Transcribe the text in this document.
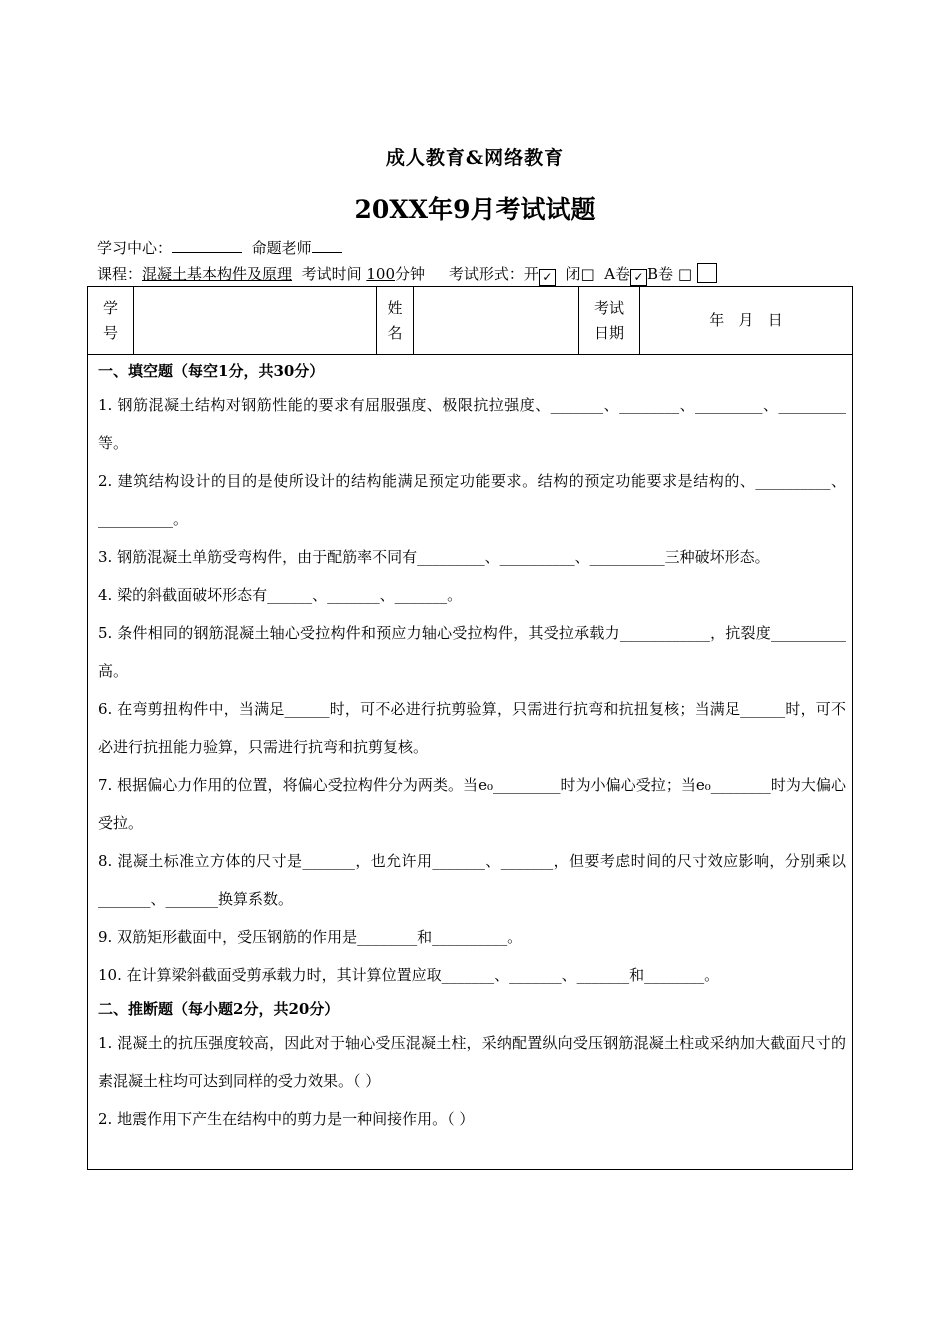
成人教育&网络教育
20XX年9月考试试题
学习中心：	命题老师
课程：混凝土基本构件及原理 考试时间 100分钟 考试形式：开 ✓ 闭□ A卷 ✓ B卷 □
学号
姓名
考试日期
年   月   日
一、填空题（每空1分，共30分）
1. 钢筋混凝土结构对钢筋性能的要求有屈服强度、极限抗拉强度、_______、________、_________、_________等。
2. 建筑结构设计的目的是使所设计的结构能满足预定功能要求。结构的预定功能要求是结构的、__________、__________。
3. 钢筋混凝土单筋受弯构件，由于配筋率不同有_________、__________、__________三种破坏形态。
4. 梁的斜截面破坏形态有______、_______、_______。
5. 条件相同的钢筋混凝土轴心受拉构件和预应力轴心受拉构件，其受拉承载力____________，抗裂度__________高。
6. 在弯剪扭构件中，当满足______时，可不必进行抗剪验算，只需进行抗弯和抗扭复核；当满足______时，可不必进行抗扭能力验算，只需进行抗弯和抗剪复核。
7. 根据偏心力作用的位置，将偏心受拉构件分为两类。当e₀_________时为小偏心受拉；当e₀________时为大偏心受拉。
8. 混凝土标准立方体的尺寸是_______，也允许用_______、_______，但要考虑时间的尺寸效应影响，分别乘以_______、_______换算系数。
9. 双筋矩形截面中，受压钢筋的作用是________和__________。
10. 在计算梁斜截面受剪承载力时，其计算位置应取_______、_______、_______和________。
二、推断题（每小题2分，共20分）
1. 混凝土的抗压强度较高，因此对于轴心受压混凝土柱，采纳配置纵向受压钢筋混凝土柱或采纳加大截面尺寸的素混凝土柱均可达到同样的受力效果。（ ）
2. 地震作用下产生在结构中的剪力是一种间接作用。（ ）
